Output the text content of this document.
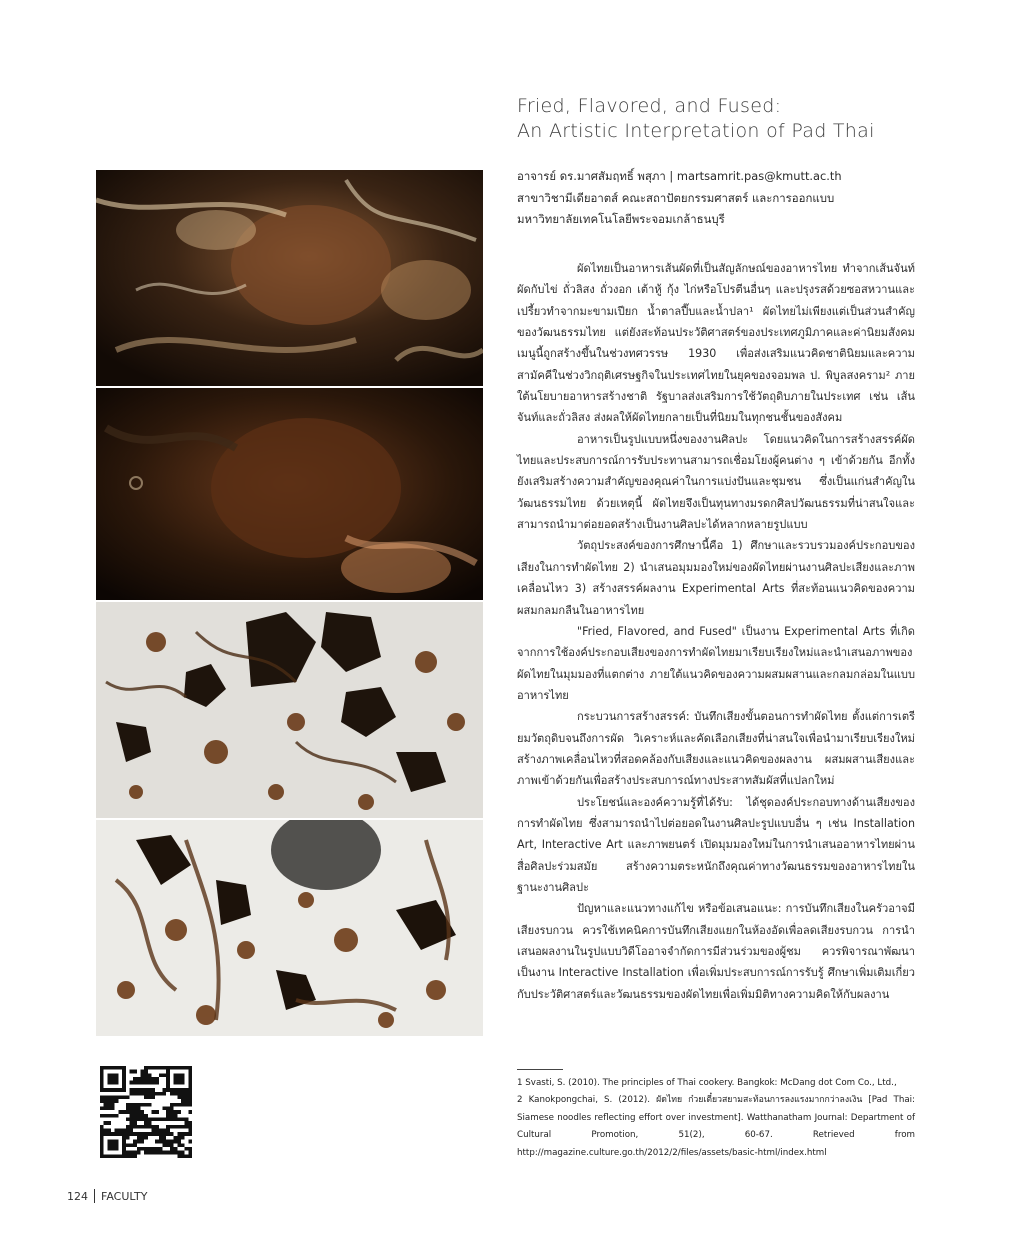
Fried, Flavored, and Fused:
An Artistic Interpretation of Pad Thai
อาจารย์ ดร.มาศสัมฤทธิ์ พสุภา | martsamrit.pas@kmutt.ac.th
สาขาวิชามีเดียอาตส์ คณะสถาปัตยกรรมศาสตร์ และการออกแบบ
มหาวิทยาลัยเทคโนโลยีพระจอมเกล้าธนบุรี

ผัดไทยเป็นอาหารเส้นผัดที่เป็นสัญลักษณ์ของอาหารไทย ทำจากเส้นจันท์ผัดกับไข่ ถั่วลิสง ถั่วงอก เต้าหู้ กุ้ง ไก่หรือโปรตีนอื่นๆ และปรุงรสด้วยซอสหวานและเปรี้ยวทำจากมะขามเปียก น้ำตาลปี๊บและน้ำปลา¹ ผัดไทยไม่เพียงแต่เป็นส่วนสำคัญของวัฒนธรรมไทย แต่ยังสะท้อนประวัติศาสตร์ของประเทศภูมิภาคและค่านิยมสังคม เมนูนี้ถูกสร้างขึ้นในช่วงทศวรรษ 1930 เพื่อส่งเสริมแนวคิดชาตินิยมและความสามัคคีในช่วงวิกฤติเศรษฐกิจในประเทศไทยในยุคของจอมพล ป. พิบูลสงคราม² ภายใต้นโยบายอาหารสร้างชาติ รัฐบาลส่งเสริมการใช้วัตถุดิบภายในประเทศ เช่น เส้นจันท์และถั่วลิสง ส่งผลให้ผัดไทยกลายเป็นที่นิยมในทุกชนชั้นของสังคม

อาหารเป็นรูปแบบหนึ่งของงานศิลปะ โดยแนวคิดในการสร้างสรรค์ผัดไทยและประสบการณ์การรับประทานสามารถเชื่อมโยงผู้คนต่าง ๆ เข้าด้วยกัน อีกทั้งยังเสริมสร้างความสำคัญของคุณค่าในการแบ่งปันและชุมชน ซึ่งเป็นแก่นสำคัญในวัฒนธรรมไทย ด้วยเหตุนี้ ผัดไทยจึงเป็นทุนทางมรดกศิลปวัฒนธรรมที่น่าสนใจและสามารถนำมาต่อยอดสร้างเป็นงานศิลปะได้หลากหลายรูปแบบ

วัตถุประสงค์ของการศึกษานี้คือ 1) ศึกษาและรวบรวมองค์ประกอบของเสียงในการทำผัดไทย 2) นำเสนอมุมมองใหม่ของผัดไทยผ่านงานศิลปะเสียงและภาพเคลื่อนไหว 3) สร้างสรรค์ผลงาน Experimental Arts ที่สะท้อนแนวคิดของความผสมกลมกลืนในอาหารไทย

"Fried, Flavored, and Fused" เป็นงาน Experimental Arts ที่เกิดจากการใช้องค์ประกอบเสียงของการทำผัดไทยมาเรียบเรียงใหม่และนำเสนอภาพของผัดไทยในมุมมองที่แตกต่าง ภายใต้แนวคิดของความผสมผสานและกลมกล่อมในแบบอาหารไทย

กระบวนการสร้างสรรค์: บันทึกเสียงขั้นตอนการทำผัดไทย ตั้งแต่การเตรียมวัตถุดิบจนถึงการผัด วิเคราะห์และคัดเลือกเสียงที่น่าสนใจเพื่อนำมาเรียบเรียงใหม่ สร้างภาพเคลื่อนไหวที่สอดคล้องกับเสียงและแนวคิดของผลงาน ผสมผสานเสียงและภาพเข้าด้วยกันเพื่อสร้างประสบการณ์ทางประสาทสัมผัสที่แปลกใหม่

ประโยชน์และองค์ความรู้ที่ได้รับ: ได้ชุดองค์ประกอบทางด้านเสียงของการทำผัดไทย ซึ่งสามารถนำไปต่อยอดในงานศิลปะรูปแบบอื่น ๆ เช่น Installation Art, Interactive Art และภาพยนตร์ เปิดมุมมองใหม่ในการนำเสนออาหารไทยผ่านสื่อศิลปะร่วมสมัย สร้างความตระหนักถึงคุณค่าทางวัฒนธรรมของอาหารไทยในฐานะงานศิลปะ

ปัญหาและแนวทางแก้ไข หรือข้อเสนอแนะ: การบันทึกเสียงในครัวอาจมีเสียงรบกวน ควรใช้เทคนิคการบันทึกเสียงแยกในห้องอัดเพื่อลดเสียงรบกวน การนำเสนอผลงานในรูปแบบวิดีโออาจจำกัดการมีส่วนร่วมของผู้ชม ควรพิจารณาพัฒนาเป็นงาน Interactive Installation เพื่อเพิ่มประสบการณ์การรับรู้ ศึกษาเพิ่มเติมเกี่ยวกับประวัติศาสตร์และวัฒนธรรมของผัดไทยเพื่อเพิ่มมิติทางความคิดให้กับผลงาน

1 Svasti, S. (2010). The principles of Thai cookery. Bangkok: McDang dot Com Co., Ltd.,

2 Kanokpongchai, S. (2012). ผัดไทย ก๋วยเตี๋ยวสยามสะท้อนการลงแรงมากกว่าลงเงิน [Pad Thai: Siamese noodles reflecting effort over investment]. Watthanatham Journal: Department of Cultural Promotion, 51(2), 60-67. Retrieved from http://magazine.culture.go.th/2012/2/files/assets/basic-html/index.html

124 FACULTY
